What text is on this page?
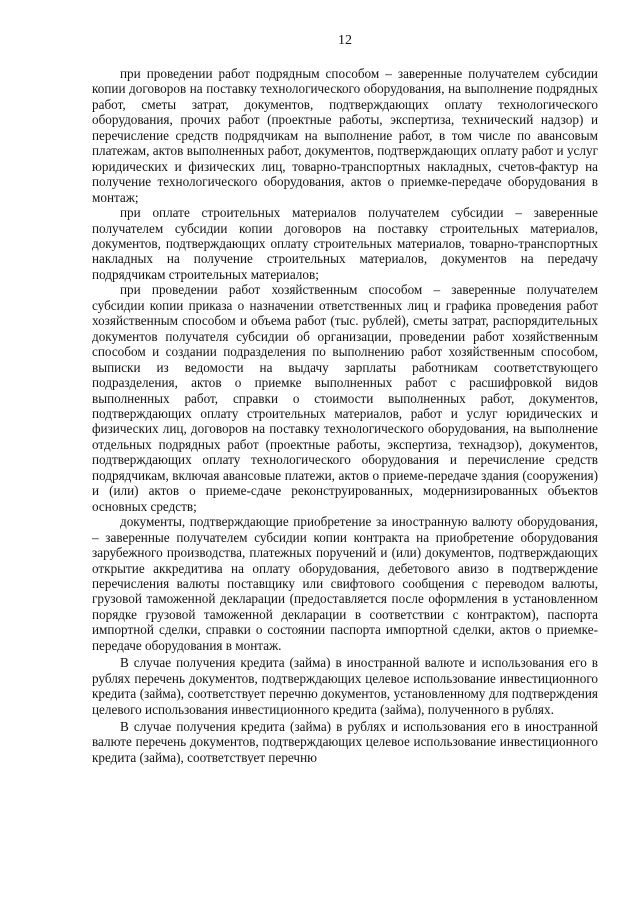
12

при проведении работ подрядным способом – заверенные получателем субсидии копии договоров на поставку технологического оборудования, на выполнение подрядных работ, сметы затрат, документов, подтверждающих оплату технологического оборудования, прочих работ (проектные работы, экспертиза, технический надзор) и перечисление средств подрядчикам на выполнение работ, в том числе по авансовым платежам, актов выполненных работ, документов, подтверждающих оплату работ и услуг юридических и физических лиц, товарно-транспортных накладных, счетов-фактур на получение технологического оборудования, актов о приемке-передаче оборудования в монтаж;

при оплате строительных материалов получателем субсидии – заверенные получателем субсидии копии договоров на поставку строительных материалов, документов, подтверждающих оплату строительных материалов, товарно-транспортных накладных на получение строительных материалов, документов на передачу подрядчикам строительных материалов;

при проведении работ хозяйственным способом – заверенные получателем субсидии копии приказа о назначении ответственных лиц и графика проведения работ хозяйственным способом и объема работ (тыс. рублей), сметы затрат, распорядительных документов получателя субсидии об организации, проведении работ хозяйственным способом и создании подразделения по выполнению работ хозяйственным способом, выписки из ведомости на выдачу зарплаты работникам соответствующего подразделения, актов о приемке выполненных работ с расшифровкой видов выполненных работ, справки о стоимости выполненных работ, документов, подтверждающих оплату строительных материалов, работ и услуг юридических и физических лиц, договоров на поставку технологического оборудования, на выполнение отдельных подрядных работ (проектные работы, экспертиза, технадзор), документов, подтверждающих оплату технологического оборудования и перечисление средств подрядчикам, включая авансовые платежи, актов о приеме-передаче здания (сооружения) и (или) актов о приеме-сдаче реконструированных, модернизированных объектов основных средств;

документы, подтверждающие приобретение за иностранную валюту оборудования, – заверенные получателем субсидии копии контракта на приобретение оборудования зарубежного производства, платежных поручений и (или) документов, подтверждающих открытие аккредитива на оплату оборудования, дебетового авизо в подтверждение перечисления валюты поставщику или свифтового сообщения с переводом валюты, грузовой таможенной декларации (предоставляется после оформления в установленном порядке грузовой таможенной декларации в соответствии с контрактом), паспорта импортной сделки, справки о состоянии паспорта импортной сделки, актов о приемке-передаче оборудования в монтаж.

В случае получения кредита (займа) в иностранной валюте и использования его в рублях перечень документов, подтверждающих целевое использование инвестиционного кредита (займа), соответствует перечню документов, установленному для подтверждения целевого использования инвестиционного кредита (займа), полученного в рублях.

В случае получения кредита (займа) в рублях и использования его в иностранной валюте перечень документов, подтверждающих целевое использование инвестиционного кредита (займа), соответствует перечню
